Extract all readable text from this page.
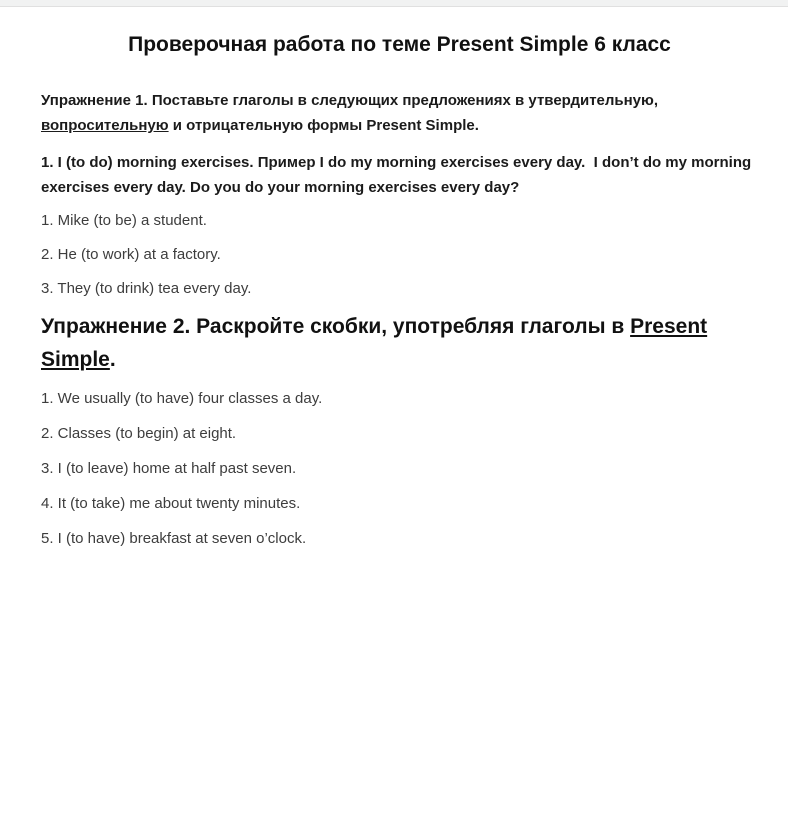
Проверочная работа по теме Present Simple 6 класс

Упражнение 1. Поставьте глаголы в следующих предложениях в утвердительную, вопросительную и отрицательную формы Present Simple.

1. I (to do) morning exercises. Пример I do my morning exercises every day.  I don’t do my morning exercises every day. Do you do your morning exercises every day?

1. Mike (to be) a student.
2. He (to work) at a factory.
3. They (to drink) tea every day.
Упражнение 2. Раскройте скобки, употребляя глаголы в Present Simple.
1. We usually (to have) four classes a day.
2. Classes (to begin) at eight.
3. I (to leave) home at half past seven.
4. It (to take) me about twenty minutes.
5. I (to have) breakfast at seven o’clock.
